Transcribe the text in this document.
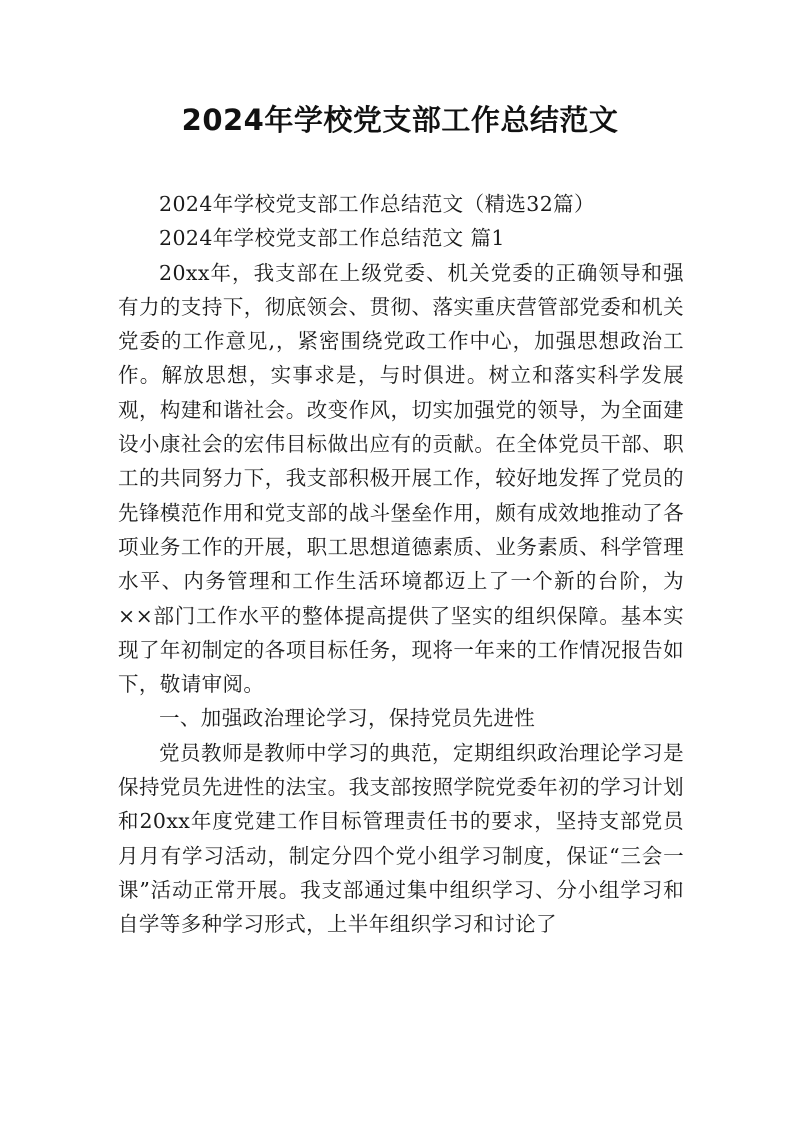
2024年学校党支部工作总结范文

2024年学校党支部工作总结范文（精选32篇）

2024年学校党支部工作总结范文 篇1

20xx年，我支部在上级党委、机关党委的正确领导和强有力的支持下，彻底领会、贯彻、落实重庆营管部党委和机关党委的工作意见,，紧密围绕党政工作中心，加强思想政治工作。解放思想，实事求是，与时俱进。树立和落实科学发展观，构建和谐社会。改变作风，切实加强党的领导，为全面建设小康社会的宏伟目标做出应有的贡献。在全体党员干部、职工的共同努力下，我支部积极开展工作，较好地发挥了党员的先锋模范作用和党支部的战斗堡垒作用，颇有成效地推动了各项业务工作的开展，职工思想道德素质、业务素质、科学管理水平、内务管理和工作生活环境都迈上了一个新的台阶，为××部门工作水平的整体提高提供了坚实的组织保障。基本实现了年初制定的各项目标任务，现将一年来的工作情况报告如下，敬请审阅。

一、加强政治理论学习，保持党员先进性

党员教师是教师中学习的典范，定期组织政治理论学习是保持党员先进性的法宝。我支部按照学院党委年初的学习计划和20xx年度党建工作目标管理责任书的要求，坚持支部党员月月有学习活动，制定分四个党小组学习制度，保证“三会一课”活动正常开展。我支部通过集中组织学习、分小组学习和自学等多种学习形式，上半年组织学习和讨论了
